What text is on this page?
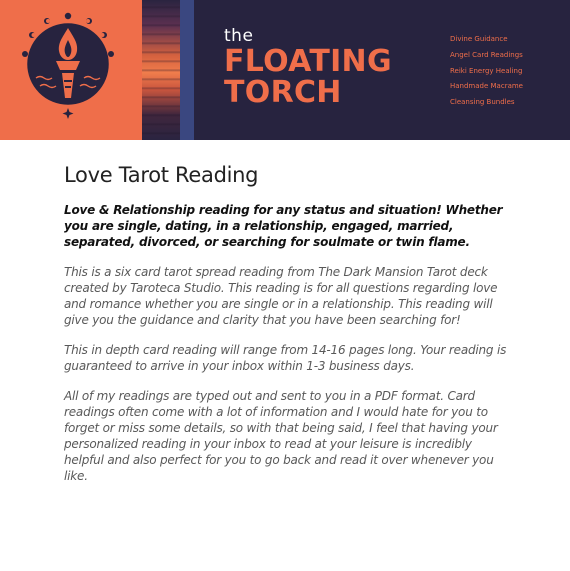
the
FLOATING
TORCH
Divine Guidance
Angel Card Readings
Reiki Energy Healing
Handmade Macrame
Cleansing Bundles
Love Tarot Reading

Love & Relationship reading for any status and situation! Whether you are single, dating, in a relationship, engaged, married, separated, divorced, or searching for soulmate or twin flame.

This is a six card tarot spread reading from The Dark Mansion Tarot deck created by Taroteca Studio. This reading is for all questions regarding love and romance whether you are single or in a relationship. This reading will give you the guidance and clarity that you have been searching for!

This in depth card reading will range from 14-16 pages long. Your reading is guaranteed to arrive in your inbox within 1-3 business days.

All of my readings are typed out and sent to you in a PDF format. Card readings often come with a lot of information and I would hate for you to forget or miss some details, so with that being said, I feel that having your personalized reading in your inbox to read at your leisure is incredibly helpful and also perfect for you to go back and read it over whenever you like.
